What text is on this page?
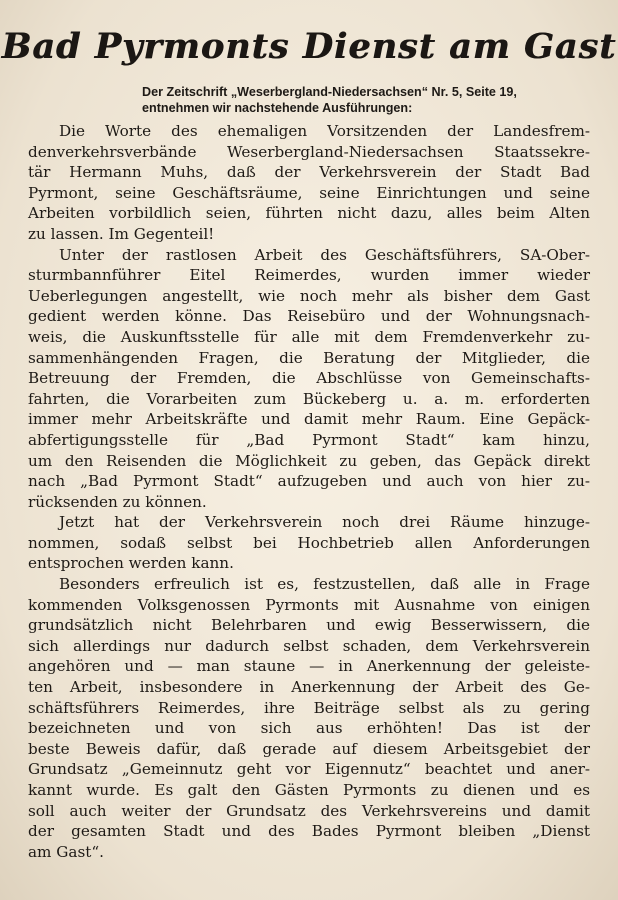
Bad Pyrmonts Dienst am Gast
Der Zeitschrift „Weserbergland-Niedersachsen“ Nr. 5, Seite 19,
entnehmen wir nachstehende Ausführungen:
Die Worte des ehemaligen Vorsitzenden der Landesfrem-
denverkehrsverbände Weserbergland-Niedersachsen Staatssekre-
tär Hermann Muhs, daß der Verkehrsverein der Stadt Bad
Pyrmont, seine Geschäftsräume, seine Einrichtungen und seine
Arbeiten vorbildlich seien, führten nicht dazu, alles beim Alten
zu lassen. Im Gegenteil!
Unter der rastlosen Arbeit des Geschäftsführers, SA-Ober-
sturmbannführer Eitel Reimerdes, wurden immer wieder
Ueberlegungen angestellt, wie noch mehr als bisher dem Gast
gedient werden könne. Das Reisebüro und der Wohnungsnach-
weis, die Auskunftsstelle für alle mit dem Fremdenverkehr zu-
sammenhängenden Fragen, die Beratung der Mitglieder, die
Betreuung der Fremden, die Abschlüsse von Gemeinschafts-
fahrten, die Vorarbeiten zum Bückeberg u. a. m. erforderten
immer mehr Arbeitskräfte und damit mehr Raum. Eine Gepäck-
abfertigungsstelle für „Bad Pyrmont Stadt“ kam hinzu,
um den Reisenden die Möglichkeit zu geben, das Gepäck direkt
nach „Bad Pyrmont Stadt“ aufzugeben und auch von hier zu-
rücksenden zu können.
Jetzt hat der Verkehrsverein noch drei Räume hinzuge-
nommen, sodaß selbst bei Hochbetrieb allen Anforderungen
entsprochen werden kann.
Besonders erfreulich ist es, festzustellen, daß alle in Frage
kommenden Volksgenossen Pyrmonts mit Ausnahme von einigen
grundsätzlich nicht Belehrbaren und ewig Besserwissern, die
sich allerdings nur dadurch selbst schaden, dem Verkehrsverein
angehören und — man staune — in Anerkennung der geleiste-
ten Arbeit, insbesondere in Anerkennung der Arbeit des Ge-
schäftsführers Reimerdes, ihre Beiträge selbst als zu gering
bezeichneten und von sich aus erhöhten! Das ist der
beste Beweis dafür, daß gerade auf diesem Arbeitsgebiet der
Grundsatz „Gemeinnutz geht vor Eigennutz“ beachtet und aner-
kannt wurde. Es galt den Gästen Pyrmonts zu dienen und es
soll auch weiter der Grundsatz des Verkehrsvereins und damit
der gesamten Stadt und des Bades Pyrmont bleiben „Dienst
am Gast“.
